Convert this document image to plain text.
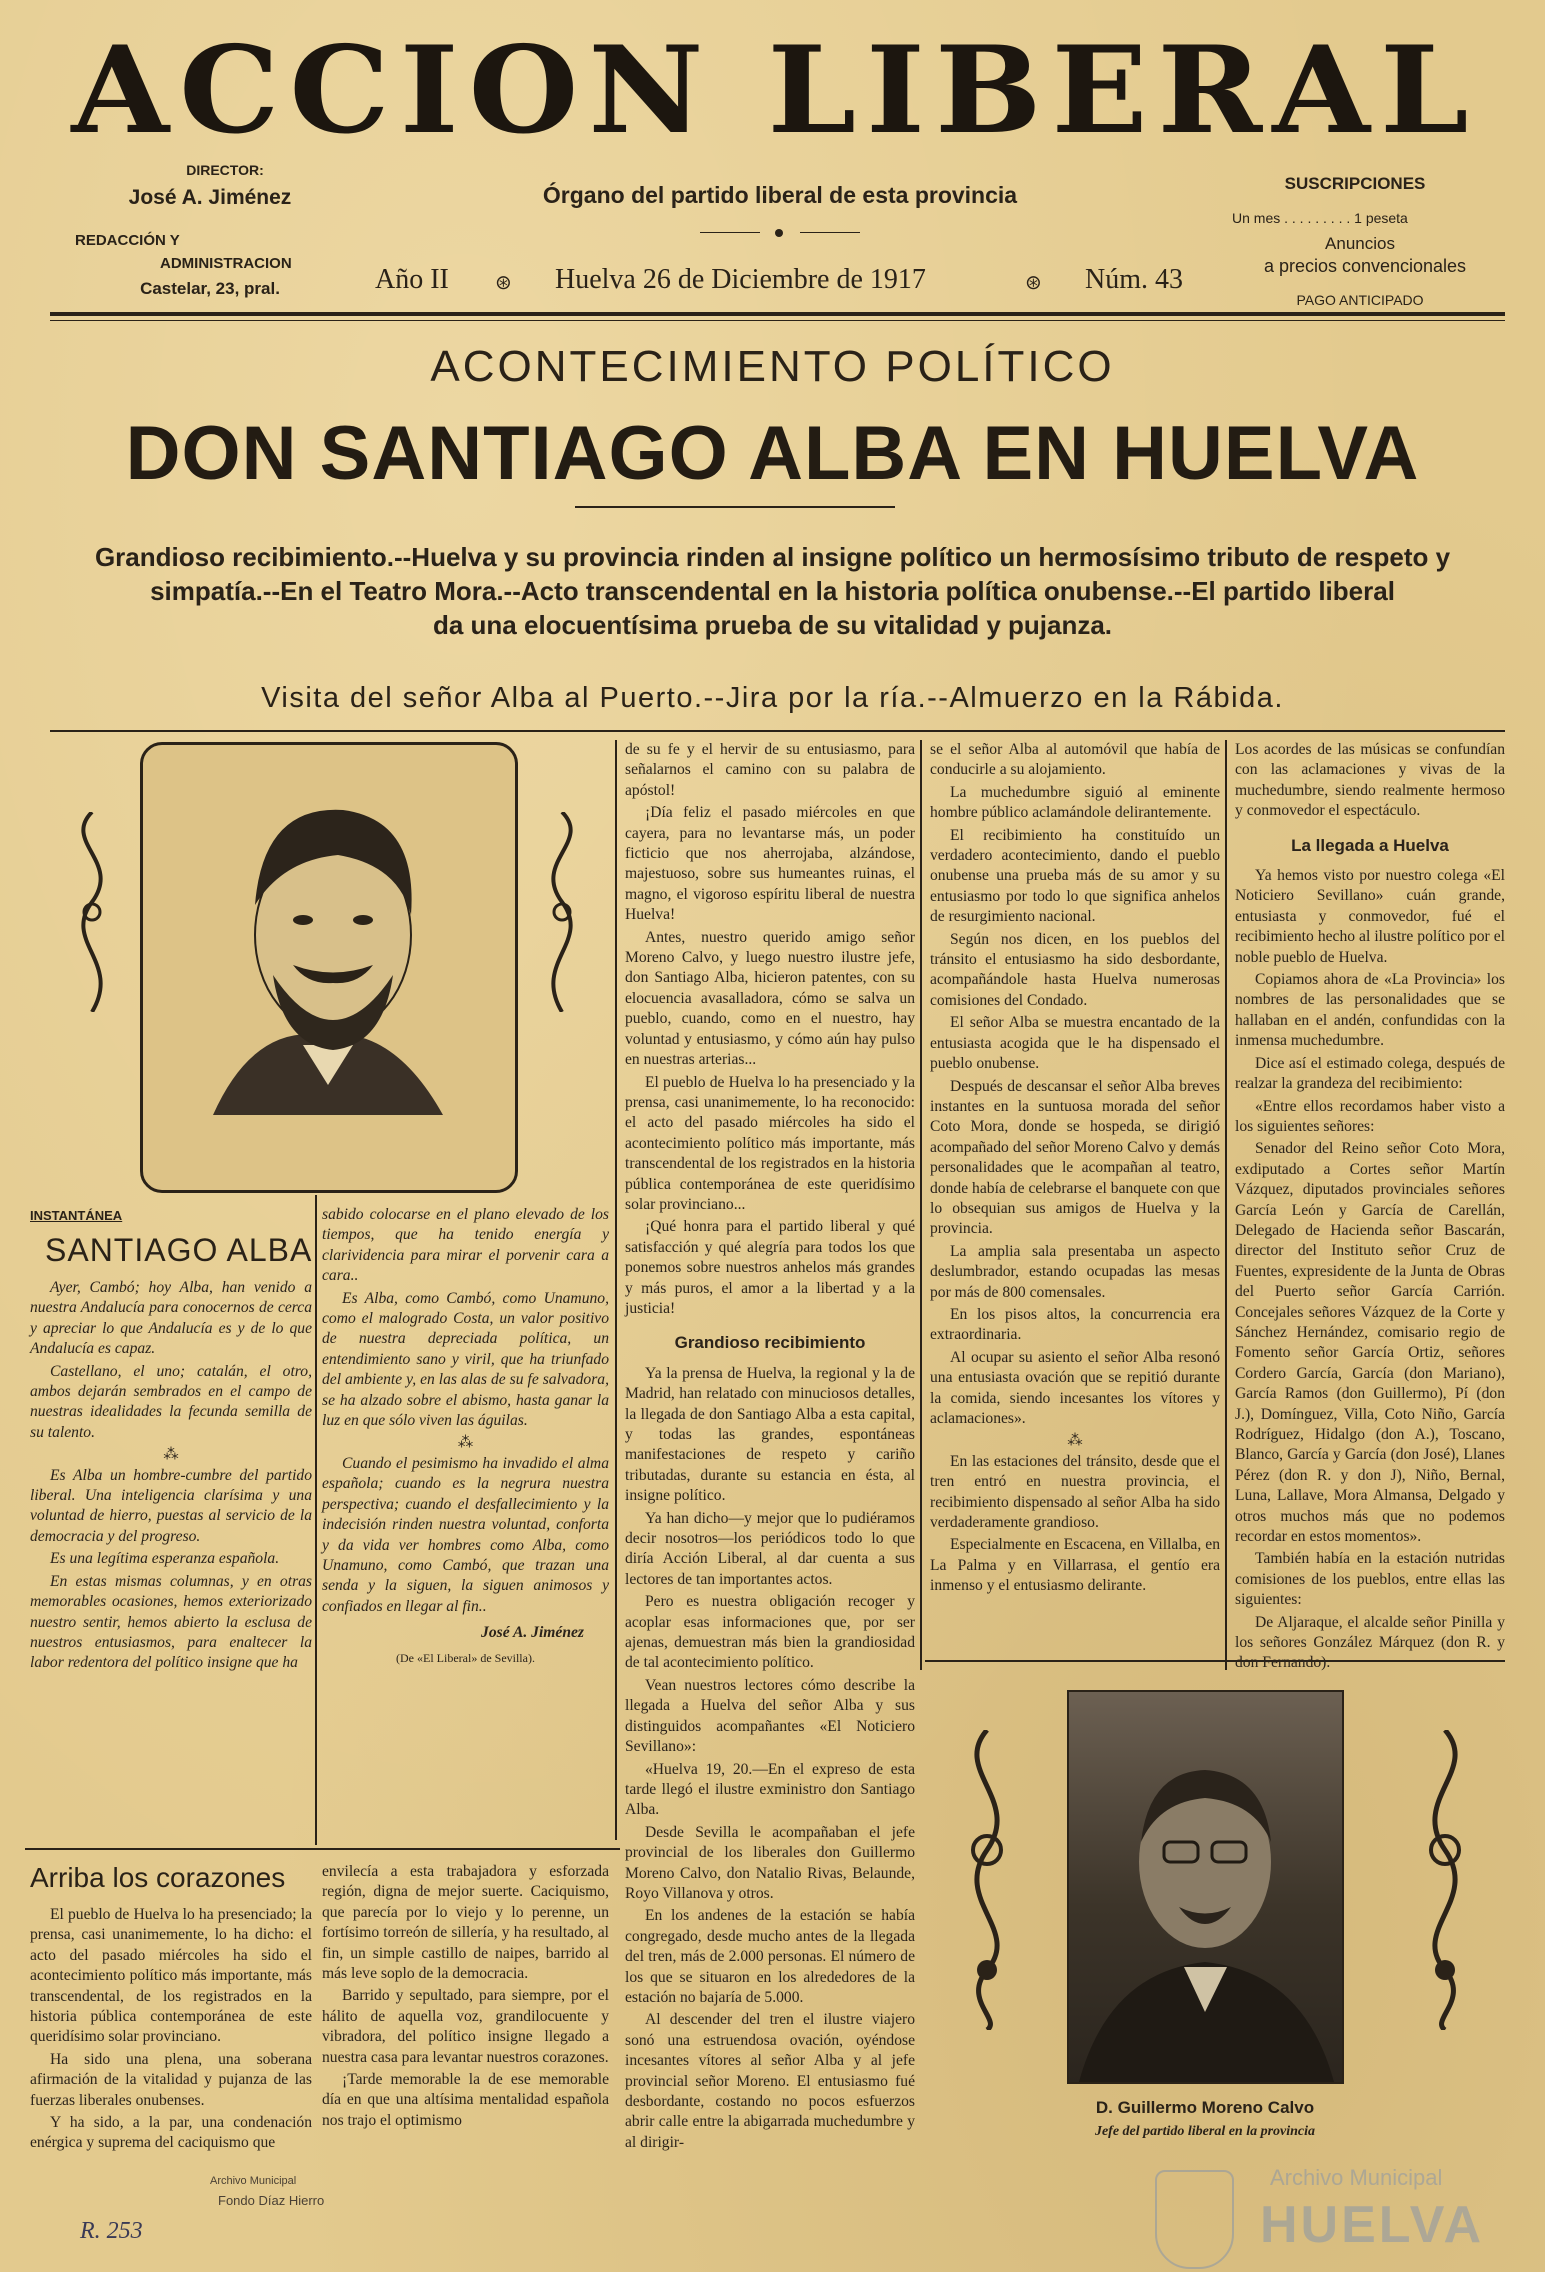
ACCION LIBERAL
DIRECTOR:
José A. Jiménez
REDACCIÓN Y
ADMINISTRACION
Castelar, 23, pral.
Órgano del partido liberal de esta provincia
Año II ⊛ Huelva 26 de Diciembre de 1917	⊛ Núm. 43
SUSCRIPCIONES
Un mes . . . . . . . . . 1 peseta
Anuncios
a precios convencionales
PAGO ANTICIPADO
ACONTECIMIENTO POLÍTICO
DON SANTIAGO ALBA EN HUELVA
Grandioso recibimiento.--Huelva y su provincia rinden al insigne político un hermosísimo tributo de respeto y
simpatía.--En el Teatro Mora.--Acto transcendental en la historia política onubense.--El partido liberal
da una elocuentísima prueba de su vitalidad y pujanza.
Visita del señor Alba al Puerto.--Jira por la ría.--Almuerzo en la Rábida.
INSTANTÁNEA
SANTIAGO ALBA

Ayer, Cambó; hoy Alba, han venido a nuestra Andalucía para conocernos de cerca y apreciar lo que Andalucía es y de lo que Andalucía es capaz.

Castellano, el uno; catalán, el otro, ambos dejarán sembrados en el campo de nuestras idealidades la fecunda semilla de su talento.

⁂

Es Alba un hombre-cumbre del partido liberal. Una inteligencia clarísima y una voluntad de hierro, puestas al servicio de la democracia y del progreso.

Es una legítima esperanza española.

En estas mismas columnas, y en otras memorables ocasiones, hemos exteriorizado nuestro sentir, hemos abierto la esclusa de nuestros entusiasmos, para enaltecer la labor redentora del político insigne que ha

sabido colocarse en el plano elevado de los tiempos, que ha tenido energía y clarividencia para mirar el porvenir cara a cara..

Es Alba, como Cambó, como Unamuno, como el malogrado Costa, un valor positivo de nuestra depreciada política, un entendimiento sano y viril, que ha triunfado del ambiente y, en las alas de su fe salvadora, se ha alzado sobre el abismo, hasta ganar la luz en que sólo viven las águilas.

⁂

Cuando el pesimismo ha invadido el alma española; cuando es la negrura nuestra perspectiva; cuando el desfallecimiento y la indecisión rinden nuestra voluntad, conforta y da vida ver hombres como Alba, como Unamuno, como Cambó, que trazan una senda y la siguen, la siguen animosos y confiados en llegar al fin..

José A. Jiménez
(De «El Liberal» de Sevilla).
Arriba los corazones

El pueblo de Huelva lo ha presenciado; la prensa, casi unanimemente, lo ha dicho: el acto del pasado miércoles ha sido el acontecimiento político más importante, más transcendental, de los registrados en la historia pública contemporánea de este queridísimo solar provinciano.

Ha sido una plena, una soberana afirmación de la vitalidad y pujanza de las fuerzas liberales onubenses.

Y ha sido, a la par, una condenación enérgica y suprema del caciquismo que

envilecía a esta trabajadora y esforzada región, digna de mejor suerte. Caciquismo, que parecía por lo viejo y lo perenne, un fortísimo torreón de sillería, y ha resultado, al fin, un simple castillo de naipes, barrido al más leve soplo de la democracia.

Barrido y sepultado, para siempre, por el hálito de aquella voz, grandilocuente y vibradora, del político insigne llegado a nuestra casa para levantar nuestros corazones.

¡Tarde memorable la de ese memorable día en que una altísima mentalidad española nos trajo el optimismo

de su fe y el hervir de su entusiasmo, para señalarnos el camino con su palabra de apóstol!

¡Día feliz el pasado miércoles en que cayera, para no levantarse más, un poder ficticio que nos aherrojaba, alzándose, majestuoso, sobre sus humeantes ruinas, el magno, el vigoroso espíritu liberal de nuestra Huelva!

Antes, nuestro querido amigo señor Moreno Calvo, y luego nuestro ilustre jefe, don Santiago Alba, hicieron patentes, con su elocuencia avasalladora, cómo se salva un pueblo, cuando, como en el nuestro, hay voluntad y entusiasmo, y cómo aún hay pulso en nuestras arterias...

El pueblo de Huelva lo ha presenciado y la prensa, casi unanimemente, lo ha reconocido: el acto del pasado miércoles ha sido el acontecimiento político más importante, más transcendental de los registrados en la historia pública contemporánea de este queridísimo solar provinciano...

¡Qué honra para el partido liberal y qué satisfacción y qué alegría para todos los que ponemos sobre nuestros anhelos más grandes y más puros, el amor a la libertad y a la justicia!

Grandioso recibimiento

Ya la prensa de Huelva, la regional y la de Madrid, han relatado con minuciosos detalles, la llegada de don Santiago Alba a esta capital, y todas las grandes, espontáneas manifestaciones de respeto y cariño tributadas, durante su estancia en ésta, al insigne político.

Ya han dicho—y mejor que lo pudiéramos decir nosotros—los periódicos todo lo que diría Acción Liberal, al dar cuenta a sus lectores de tan importantes actos.

Pero es nuestra obligación recoger y acoplar esas informaciones que, por ser ajenas, demuestran más bien la grandiosidad de tal acontecimiento político.

Vean nuestros lectores cómo describe la llegada a Huelva del señor Alba y sus distinguidos acompañantes «El Noticiero Sevillano»:

«Huelva 19, 20.—En el expreso de esta tarde llegó el ilustre exministro don Santiago Alba.

Desde Sevilla le acompañaban el jefe provincial de los liberales don Guillermo Moreno Calvo, don Natalio Rivas, Belaunde, Royo Villanova y otros.

En los andenes de la estación se había congregado, desde mucho antes de la llegada del tren, más de 2.000 personas. El número de los que se situaron en los alrededores de la estación no bajaría de 5.000.

Al descender del tren el ilustre viajero sonó una estruendosa ovación, oyéndose incesantes vítores al señor Alba y al jefe provincial señor Moreno. El entusiasmo fué desbordante, costando no pocos esfuerzos abrir calle entre la abigarrada muchedumbre y al dirigir-

se el señor Alba al automóvil que había de conducirle a su alojamiento.

La muchedumbre siguió al eminente hombre público aclamándole delirantemente.

El recibimiento ha constituído un verdadero acontecimiento, dando el pueblo onubense una prueba más de su amor y su entusiasmo por todo lo que significa anhelos de resurgimiento nacional.

Según nos dicen, en los pueblos del tránsito el entusiasmo ha sido desbordante, acompañándole hasta Huelva numerosas comisiones del Condado.

El señor Alba se muestra encantado de la entusiasta acogida que le ha dispensado el pueblo onubense.

Después de descansar el señor Alba breves instantes en la suntuosa morada del señor Coto Mora, donde se hospeda, se dirigió acompañado del señor Moreno Calvo y demás personalidades que le acompañan al teatro, donde había de celebrarse el banquete con que lo obsequian sus amigos de Huelva y la provincia.

La amplia sala presentaba un aspecto deslumbrador, estando ocupadas las mesas por más de 800 comensales.

En los pisos altos, la concurrencia era extraordinaria.

Al ocupar su asiento el señor Alba resonó una entusiasta ovación que se repitió durante la comida, siendo incesantes los vítores y aclamaciones».

⁂

En las estaciones del tránsito, desde que el tren entró en nuestra provincia, el recibimiento dispensado al señor Alba ha sido verdaderamente grandioso.

Especialmente en Escacena, en Villalba, en La Palma y en Villarrasa, el gentío era inmenso y el entusiasmo delirante.

Los acordes de las músicas se confundían con las aclamaciones y vivas de la muchedumbre, siendo realmente hermoso y conmovedor el espectáculo.

La llegada a Huelva

Ya hemos visto por nuestro colega «El Noticiero Sevillano» cuán grande, entusiasta y conmovedor, fué el recibimiento hecho al ilustre político por el noble pueblo de Huelva.

Copiamos ahora de «La Provincia» los nombres de las personalidades que se hallaban en el andén, confundidas con la inmensa muchedumbre.

Dice así el estimado colega, después de realzar la grandeza del recibimiento:

«Entre ellos recordamos haber visto a los siguientes señores:

Senador del Reino señor Coto Mora, exdiputado a Cortes señor Martín Vázquez, diputados provinciales señores García León y García de Carellán, Delegado de Hacienda señor Bascarán, director del Instituto señor Cruz de Fuentes, expresidente de la Junta de Obras del Puerto señor García Carrión. Concejales señores Vázquez de la Corte y Sánchez Hernández, comisario regio de Fomento señor García Ortiz, señores Cordero García, García (don Mariano), García Ramos (don Guillermo), Pí (don J.), Domínguez, Villa, Coto Niño, García Rodríguez, Hidalgo (don A.), Toscano, Blanco, García y García (don José), Llanes Pérez (don R. y don J), Niño, Bernal, Luna, Lallave, Mora Almansa, Delgado y otros muchos más que no podemos recordar en estos momentos».

También había en la estación nutridas comisiones de los pueblos, entre ellas las siguientes:

De Aljaraque, el alcalde señor Pinilla y los señores González Márquez (don R. y don Fernando).

D. Guillermo Moreno Calvo
Jefe del partido liberal en la provincia
Archivo Municipal
Fondo Díaz Hierro
R. 253
Archivo Municipal
HUELVA
